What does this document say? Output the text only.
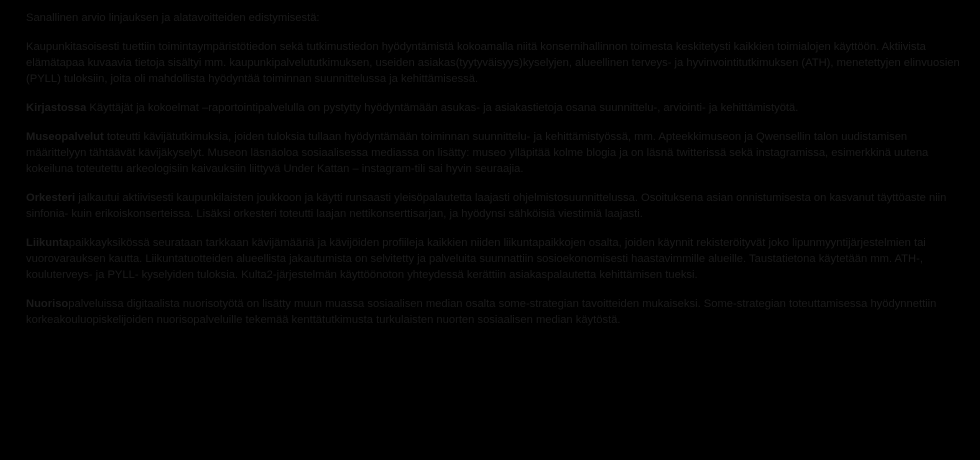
Sanallinen arvio linjauksen ja alatavoitteiden edistymisestä:
Kaupunkitasoisesti tuettiin toimintaympäristötiedon sekä tutkimustiedon hyödyntämistä kokoamalla niitä konsernihallinnon toimesta keskitetysti kaikkien toimialojen käyttöön. Aktiivista elämätapaa kuvaavia tietoja sisältyi mm. kaupunkipalvelututkimuksen, useiden asiakas(tyytyväisyys)kyselyjen, alueellinen terveys- ja hyvinvointitutkimuksen (ATH), menetettyjen elinvuosien (PYLL) tuloksiin, joita oli mahdollista hyödyntää toiminnan suunnittelussa ja kehittämisessä.
Kirjastossa Käyttäjät ja kokoelmat –raportointipalvelulla on pystytty hyödyntämään asukas- ja asiakastietoja osana suunnittelu-, arviointi- ja kehittämistyötä.
Museopalvelut toteutti kävijätutkimuksia, joiden tuloksia tullaan hyödyntämään toiminnan suunnittelu- ja kehittämistyössä, mm. Apteekkimuseon ja Qwensellin talon uudistamisen määrittelyyn tähtäävät kävijäkyselyt. Museon läsnäoloa sosiaalisessa mediassa on lisätty: museo ylläpitää kolme blogia ja on läsnä twitterissä sekä instagramissa, esimerkkinä uutena kokeiluna toteutettu arkeologisiin kaivauksiin liittyvä Under Kattan – instagram-tili sai hyvin seuraajia.
Orkesteri jalkautui aktiivisesti kaupunkilaisten joukkoon ja käytti runsaasti yleisöpalautetta laajasti ohjelmistosuunnittelussa. Osoituksena asian onnistumisesta on kasvanut täyttöaste niin sinfonia- kuin erikoiskonserteissa. Lisäksi orkesteri toteutti laajan nettikonserttisarjan, ja hyödynsi sähköisiä viestimiä laajasti.
Liikuntapaikkayksikössä seurataan tarkkaan kävijämääriä ja kävijöiden profiileja kaikkien niiden liikuntapaikkojen osalta, joiden käynnit rekisteröityvät joko lipunmyyntijärjestelmien tai vuorovarauksen kautta. Liikuntatuotteiden alueellista jakautumista on selvitetty ja palveluita suunnattiin sosioekonomisesti haastavimmille alueille. Taustatietona käytetään mm. ATH-, kouluterveys- ja PYLL- kyselyiden tuloksia. Kulta2-järjestelmän käyttöönoton yhteydessä kerättiin asiakaspalautetta kehittämisen tueksi.
Nuorisopalveluissa digitaalista nuorisotyötä on lisätty muun muassa sosiaalisen median osalta some-strategian tavoitteiden mukaiseksi. Some-strategian toteuttamisessa hyödynnettiin korkeakouluopiskelijoiden nuorisopalveluille tekemää kenttätutkimusta turkulaisten nuorten sosiaalisen median käytöstä.
